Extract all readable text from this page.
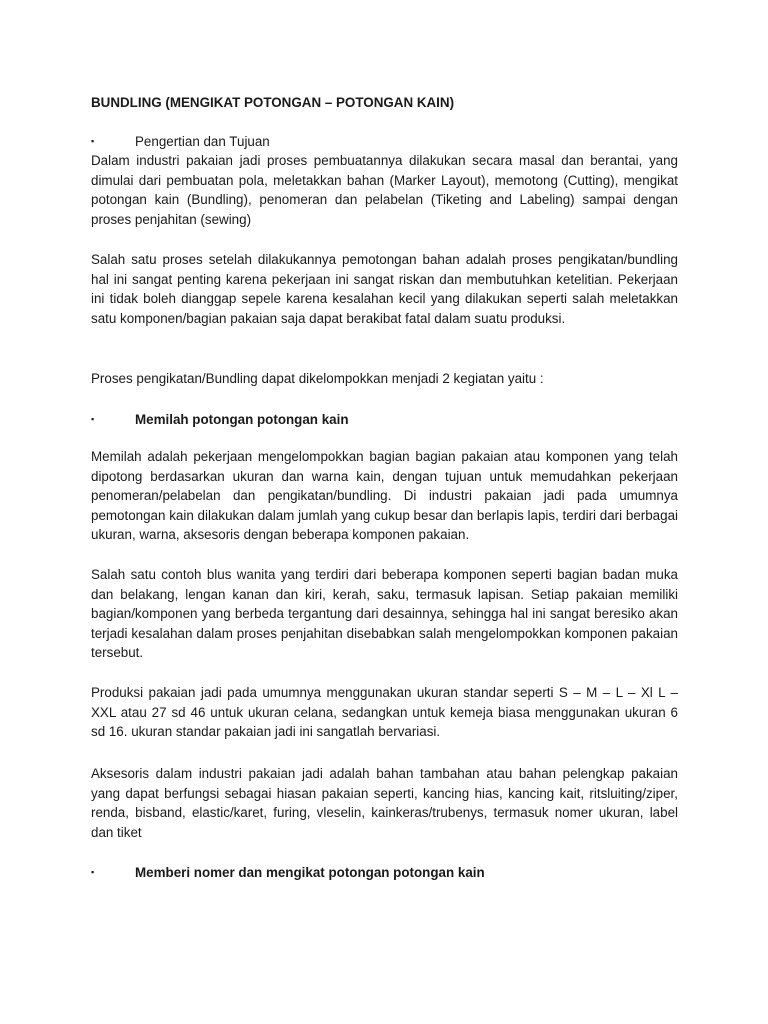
BUNDLING (MENGIKAT POTONGAN – POTONGAN KAIN)

▪	Pengertian dan Tujuan

Dalam industri pakaian jadi proses pembuatannya dilakukan secara masal dan berantai, yang dimulai dari pembuatan pola, meletakkan bahan (Marker Layout), memotong (Cutting), mengikat potongan kain (Bundling), penomeran dan pelabelan (Tiketing and Labeling) sampai dengan proses penjahitan (sewing)

Salah satu proses setelah dilakukannya pemotongan bahan adalah proses pengikatan/bundling hal ini sangat penting karena pekerjaan ini sangat riskan dan membutuhkan ketelitian. Pekerjaan ini tidak boleh dianggap sepele karena kesalahan kecil yang dilakukan seperti salah meletakkan satu komponen/bagian pakaian saja dapat berakibat fatal dalam suatu produksi.

Proses pengikatan/Bundling dapat dikelompokkan menjadi 2 kegiatan yaitu :

▪	Memilah potongan potongan kain

Memilah adalah pekerjaan mengelompokkan bagian bagian pakaian atau komponen yang telah dipotong berdasarkan ukuran dan warna kain, dengan tujuan untuk memudahkan pekerjaan penomeran/pelabelan dan pengikatan/bundling. Di industri pakaian jadi pada umumnya pemotongan kain dilakukan dalam jumlah yang cukup besar dan berlapis lapis, terdiri dari berbagai ukuran, warna, aksesoris dengan beberapa komponen pakaian.

Salah satu contoh blus wanita yang terdiri dari beberapa komponen seperti bagian badan muka dan belakang, lengan kanan dan kiri, kerah, saku, termasuk lapisan. Setiap pakaian memiliki bagian/komponen yang berbeda tergantung dari desainnya, sehingga hal ini sangat beresiko akan terjadi kesalahan dalam proses penjahitan disebabkan salah mengelompokkan komponen pakaian tersebut.

Produksi pakaian jadi pada umumnya menggunakan ukuran standar seperti S – M – L – Xl L – XXL atau 27 sd 46 untuk ukuran celana, sedangkan untuk kemeja biasa menggunakan ukuran 6 sd 16. ukuran standar pakaian jadi ini sangatlah bervariasi.

Aksesoris dalam industri pakaian jadi adalah bahan tambahan atau bahan pelengkap pakaian yang dapat berfungsi sebagai hiasan pakaian seperti, kancing hias, kancing kait, ritsluiting/ziper, renda, bisband, elastic/karet, furing, vleselin, kainkeras/trubenys, termasuk nomer ukuran, label dan tiket

▪	Memberi nomer dan mengikat potongan potongan kain
